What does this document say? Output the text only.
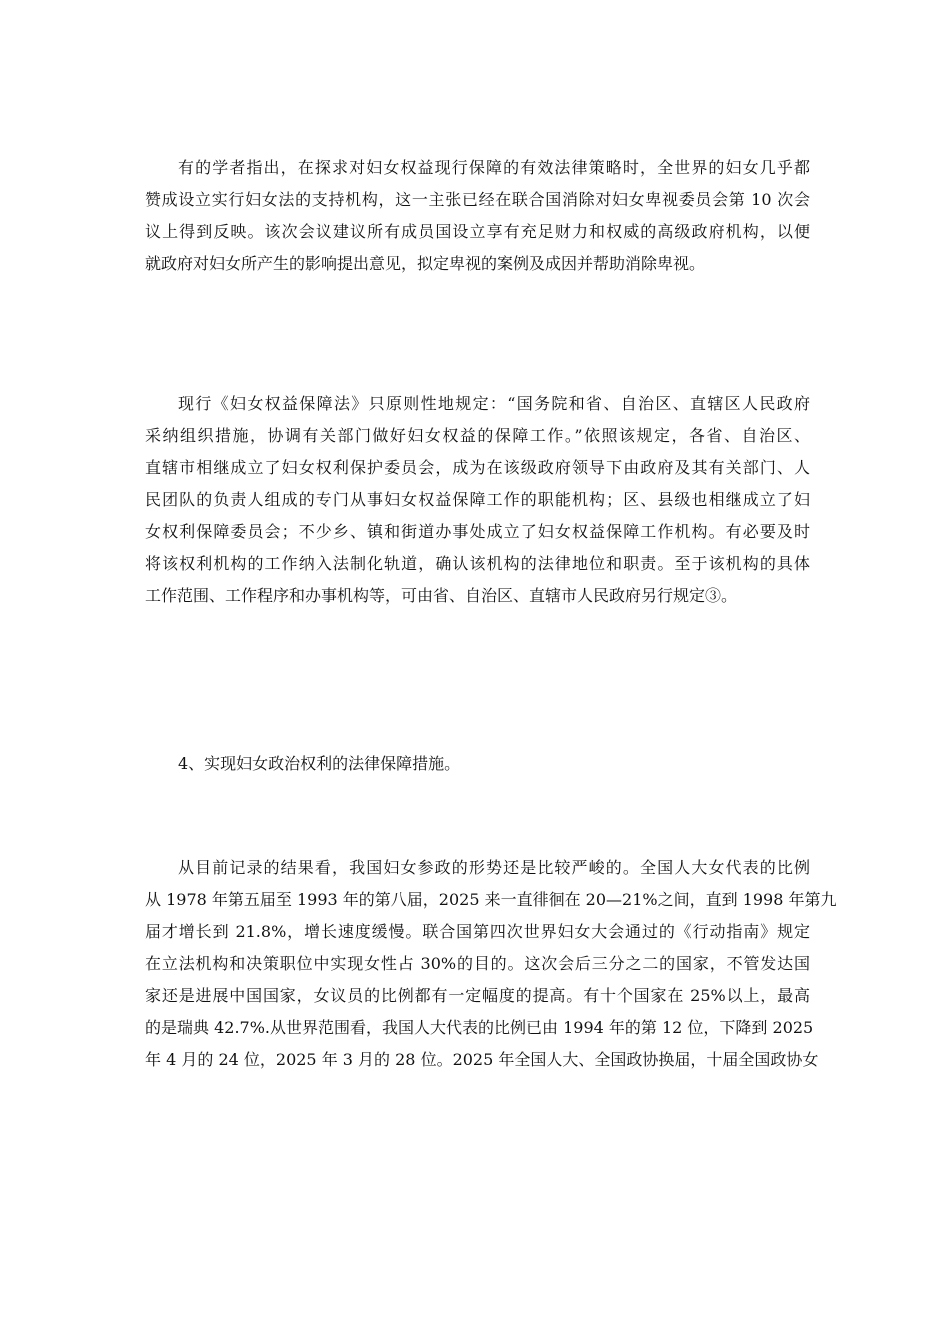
有的学者指出，在探求对妇女权益现行保障的有效法律策略时，全世界的妇女几乎都
赞成设立实行妇女法的支持机构，这一主张已经在联合国消除对妇女卑视委员会第 10 次会
议上得到反映。该次会议建议所有成员国设立享有充足财力和权威的高级政府机构，以便
就政府对妇女所产生的影响提出意见，拟定卑视的案例及成因并帮助消除卑视。
现行《妇女权益保障法》只原则性地规定：“国务院和省、自治区、直辖区人民政府
采纳组织措施，协调有关部门做好妇女权益的保障工作。”依照该规定，各省、自治区、
直辖市相继成立了妇女权利保护委员会，成为在该级政府领导下由政府及其有关部门、人
民团队的负责人组成的专门从事妇女权益保障工作的职能机构；区、县级也相继成立了妇
女权利保障委员会；不少乡、镇和街道办事处成立了妇女权益保障工作机构。有必要及时
将该权利机构的工作纳入法制化轨道，确认该机构的法律地位和职责。至于该机构的具体
工作范围、工作程序和办事机构等，可由省、自治区、直辖市人民政府另行规定③。
4、实现妇女政治权利的法律保障措施。
从目前记录的结果看，我国妇女参政的形势还是比较严峻的。全国人大女代表的比例
从 1978 年第五届至 1993 年的第八届，2025 来一直徘徊在 20—21%之间，直到 1998 年第九
届才增长到 21.8%，增长速度缓慢。联合国第四次世界妇女大会通过的《行动指南》规定
在立法机构和决策职位中实现女性占 30%的目的。这次会后三分之二的国家，不管发达国
家还是进展中国国家，女议员的比例都有一定幅度的提高。有十个国家在 25%以上，最高
的是瑞典 42.7%.从世界范围看，我国人大代表的比例已由 1994 年的第 12 位，下降到 2025
年 4 月的 24 位，2025 年 3 月的 28 位。2025 年全国人大、全国政协换届，十届全国政协女
